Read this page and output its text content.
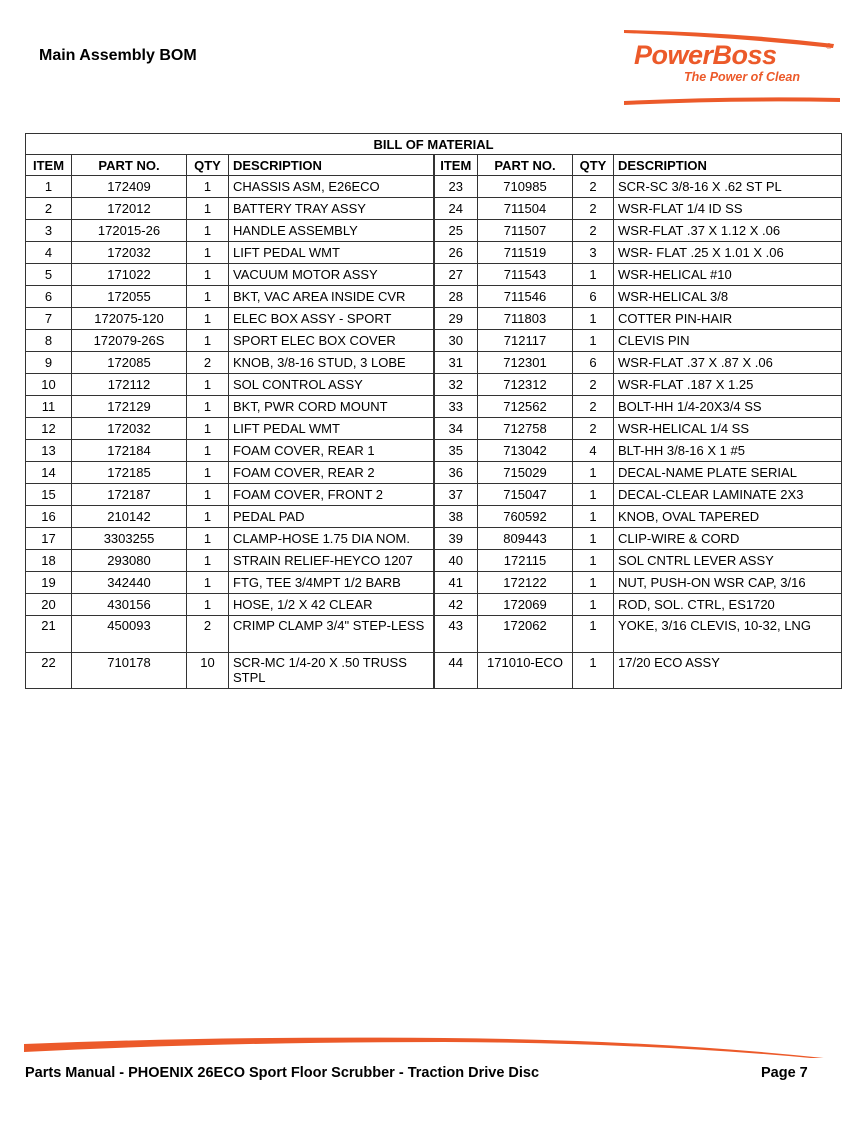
Main Assembly BOM	PowerBoss	®
The Power of Clean
BILL OF MATERIAL							
ITEM	PART NO.	QTY	DESCRIPTION	ITEM	PART NO.	QTY	DESCRIPTION
1	172409	1	CHASSIS ASM, E26ECO	23	710985	2	SCR-SC 3/8-16 X .62 ST PL
2	172012	1	BATTERY TRAY ASSY	24	711504	2	WSR-FLAT 1/4 ID SS
3	172015-26	1	HANDLE ASSEMBLY	25	711507	2	WSR-FLAT .37 X 1.12 X .06
4	172032	1	LIFT PEDAL WMT	26	711519	3	WSR- FLAT .25 X 1.01 X .06
5	171022	1	VACUUM MOTOR ASSY	27	711543	1	WSR-HELICAL #10
6	172055	1	BKT, VAC AREA INSIDE CVR	28	711546	6	WSR-HELICAL 3/8
7	172075-120	1	ELEC BOX ASSY - SPORT	29	711803	1	COTTER PIN-HAIR
8	172079-26S	1	SPORT ELEC BOX COVER	30	712117	1	CLEVIS PIN
9	172085	2	KNOB, 3/8-16 STUD, 3 LOBE	31	712301	6	WSR-FLAT .37 X .87 X .06
10	172112	1	SOL CONTROL ASSY	32	712312	2	WSR-FLAT .187 X 1.25
11	172129	1	BKT, PWR CORD MOUNT	33	712562	2	BOLT-HH 1/4-20X3/4 SS
12	172032	1	LIFT PEDAL WMT	34	712758	2	WSR-HELICAL 1/4 SS
13	172184	1	FOAM COVER, REAR 1	35	713042	4	BLT-HH 3/8-16 X 1 #5
14	172185	1	FOAM COVER, REAR 2	36	715029	1	DECAL-NAME PLATE SERIAL
15	172187	1	FOAM COVER, FRONT 2	37	715047	1	DECAL-CLEAR LAMINATE 2X3
16	210142	1	PEDAL PAD	38	760592	1	KNOB, OVAL TAPERED
17	3303255	1	CLAMP-HOSE 1.75 DIA NOM.	39	809443	1	CLIP-WIRE & CORD
18	293080	1	STRAIN RELIEF-HEYCO 1207	40	172115	1	SOL CNTRL LEVER ASSY
19	342440	1	FTG, TEE 3/4MPT 1/2 BARB	41	172122	1	NUT, PUSH-ON WSR CAP, 3/16
20	430156	1	HOSE, 1/2 X 42 CLEAR	42	172069	1	ROD, SOL. CTRL, ES1720
21	450093	2	CRIMP CLAMP 3/4" STEP-LESS	43	172062	1	YOKE, 3/16 CLEVIS, 10-32, LNG
22	710178	10	SCR-MC 1/4-20 X .50 TRUSS STPL	44	171010-ECO	1	17/20 ECO ASSY
Parts Manual - PHOENIX 26ECO Sport Floor Scrubber - Traction Drive Disc	Page 7
